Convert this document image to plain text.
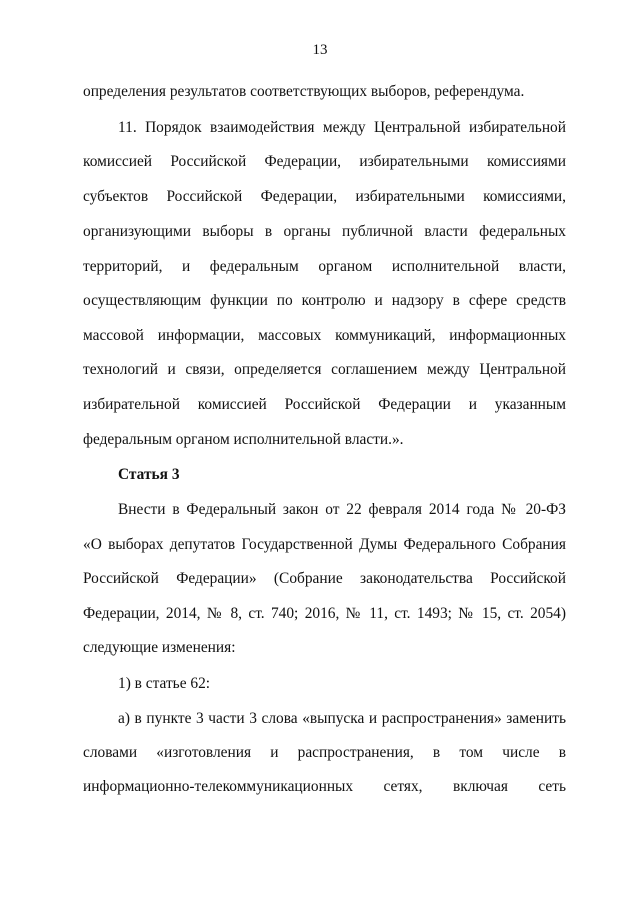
13
определения результатов соответствующих выборов, референдума.
11. Порядок взаимодействия между Центральной избирательной
комиссией Российской Федерации, избирательными комиссиями
субъектов Российской Федерации, избирательными комиссиями,
организующими выборы в органы публичной власти федеральных
территорий, и федеральным органом исполнительной власти,
осуществляющим функции по контролю и надзору в сфере средств
массовой информации, массовых коммуникаций, информационных
технологий и связи, определяется соглашением между Центральной
избирательной комиссией Российской Федерации и указанным
федеральным органом исполнительной власти.».
Статья 3
Внести в Федеральный закон от 22 февраля 2014 года № 20-ФЗ
«О выборах депутатов Государственной Думы Федерального Собрания
Российской Федерации» (Собрание законодательства Российской
Федерации, 2014, № 8, ст. 740; 2016, № 11, ст. 1493; № 15, ст. 2054)
следующие изменения:
1) в статье 62:
а) в пункте 3 части 3 слова «выпуска и распространения» заменить
словами «изготовления и распространения, в том числе в
информационно-телекоммуникационных сетях, включая сеть
